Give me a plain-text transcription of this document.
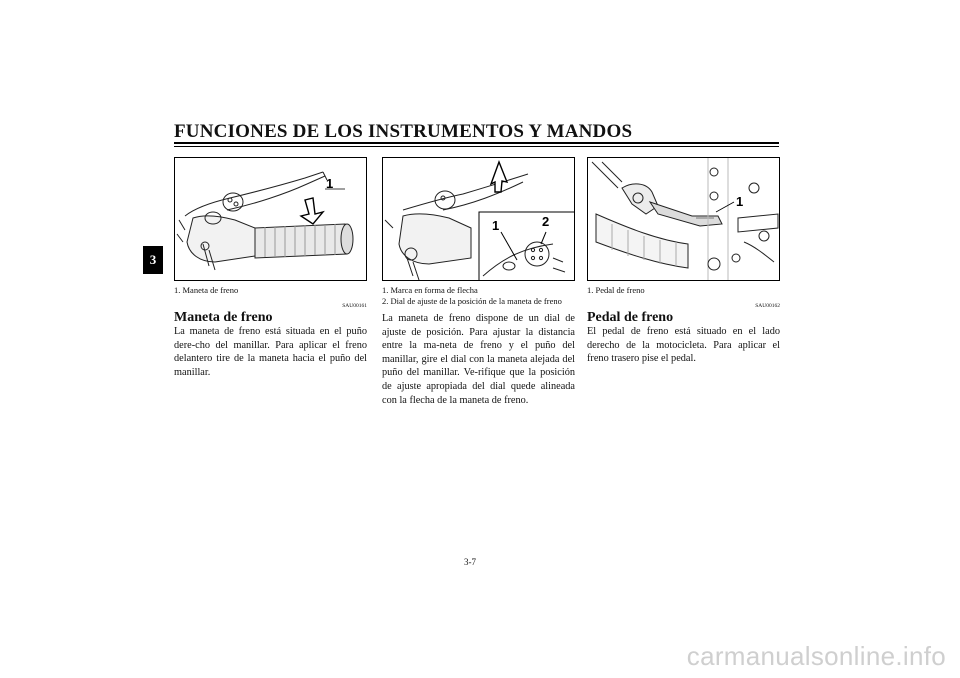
FUNCIONES DE LOS INSTRUMENTOS Y MANDOS
3
1
1	2
1
1. Maneta de freno
SAU00161
Maneta de freno

La maneta de freno está situada en el puño dere-cho del manillar. Para aplicar el freno delantero tire de la maneta hacia el puño del manillar.

1. Marca en forma de flecha
2. Dial de ajuste de la posición de la maneta de freno

La maneta de freno dispone de un dial de ajuste de posición. Para ajustar la distancia entre la ma-neta de freno y el puño del manillar, gire el dial con la maneta alejada del puño del manillar. Ve-rifique que la posición de ajuste apropiada del dial quede alineada con la flecha de la maneta de freno.

1. Pedal de freno
SAU00162
Pedal de freno

El pedal de freno está situado en el lado derecho de la motocicleta. Para aplicar el freno trasero pise el pedal.

3-7
carmanualsonline.info
